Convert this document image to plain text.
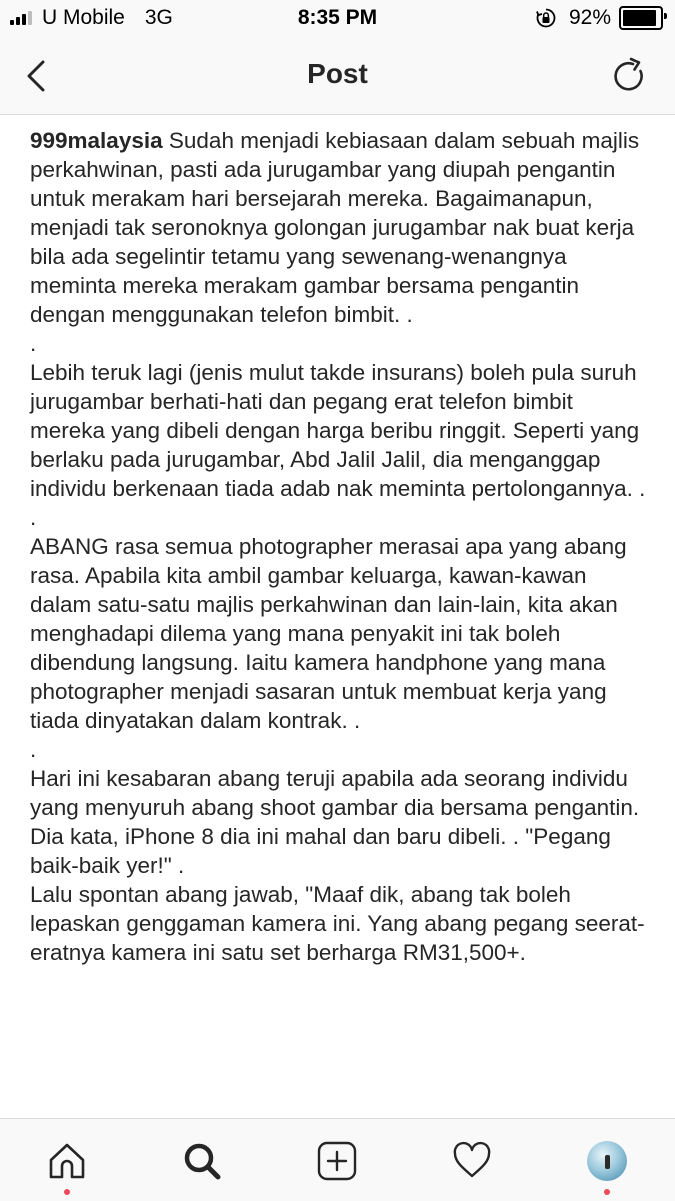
U Mobile 3G	8:35 PM	92%
Post

999malaysia Sudah menjadi kebiasaan dalam sebuah majlis perkahwinan, pasti ada jurugambar yang diupah pengantin untuk merakam hari bersejarah mereka. Bagaimanapun, menjadi tak seronoknya golongan jurugambar nak buat kerja bila ada segelintir tetamu yang sewenang-wenangnya meminta mereka merakam gambar bersama pengantin dengan menggunakan telefon bimbit. .

.

Lebih teruk lagi (jenis mulut takde insurans) boleh pula suruh jurugambar berhati-hati dan pegang erat telefon bimbit mereka yang dibeli dengan harga beribu ringgit. Seperti yang berlaku pada jurugambar, Abd Jalil Jalil, dia menganggap individu berkenaan tiada adab nak meminta pertolongannya. .

.

ABANG rasa semua photographer merasai apa yang abang rasa. Apabila kita ambil gambar keluarga, kawan-kawan dalam satu-satu majlis perkahwinan dan lain-lain, kita akan menghadapi dilema yang mana penyakit ini tak boleh dibendung langsung. Iaitu kamera handphone yang mana photographer menjadi sasaran untuk membuat kerja yang tiada dinyatakan dalam kontrak. .

.

Hari ini kesabaran abang teruji apabila ada seorang individu yang menyuruh abang shoot gambar dia bersama pengantin. Dia kata, iPhone 8 dia ini mahal dan baru dibeli. . "Pegang baik-baik yer!" .

Lalu spontan abang jawab, "Maaf dik, abang tak boleh lepaskan genggaman kamera ini. Yang abang pegang seerat-eratnya kamera ini satu set berharga RM31,500+.
